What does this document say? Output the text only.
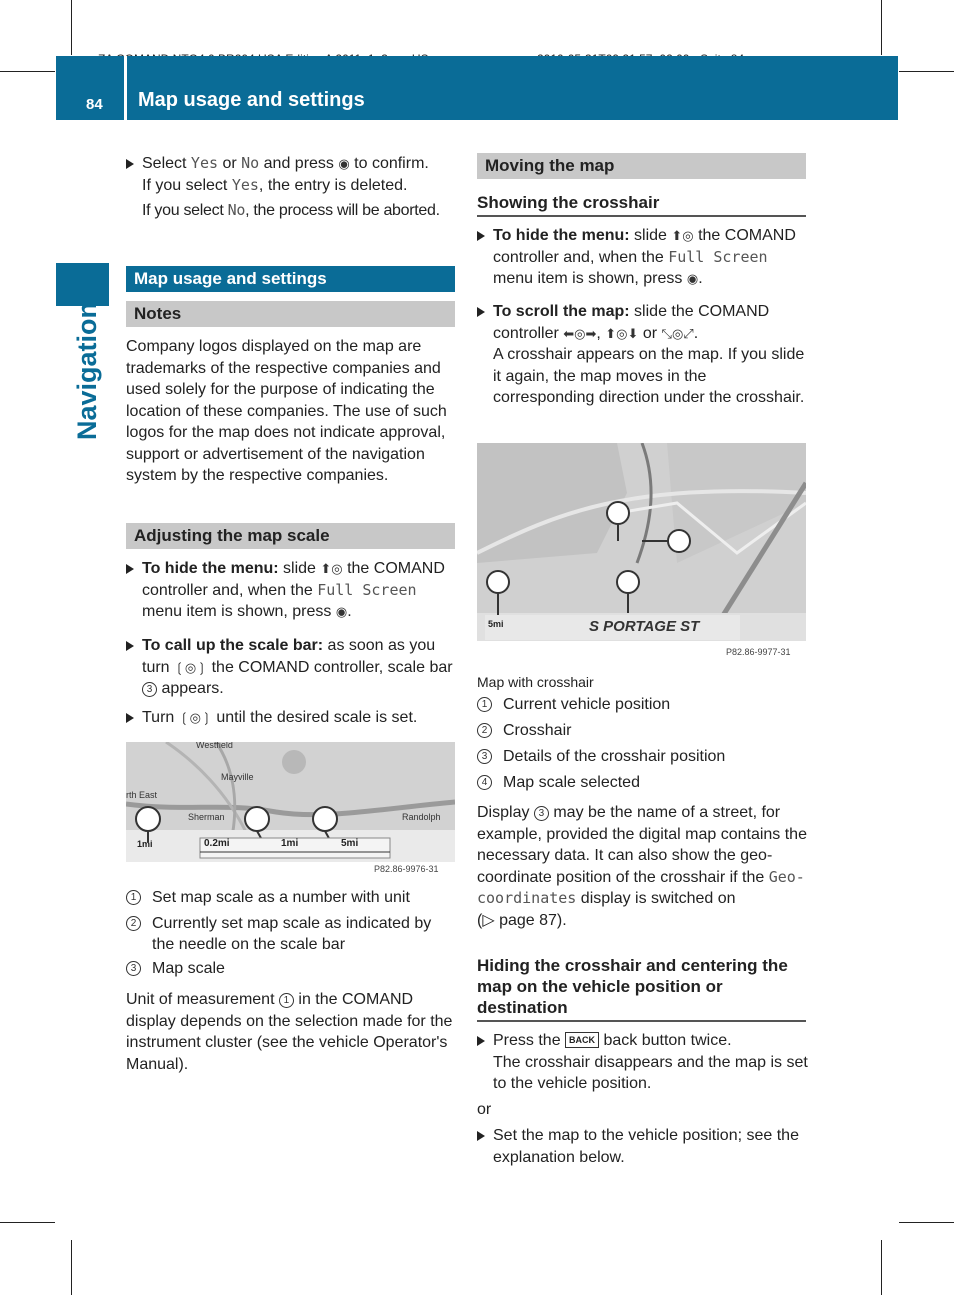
84 Map usage and settings
Navigation
Select Yes or No and press ◉ to confirm.
If you select Yes, the entry is deleted.
If you select No, the process will be aborted.
Map usage and settings
Notes
Company logos displayed on the map are trademarks of the respective companies and used solely for the purpose of indicating the location of these companies. The use of such logos for the map does not indicate approval, support or advertisement of the navigation system by the respective companies.
Adjusting the map scale
To hide the menu: slide ⬆◎ the COMAND controller and, when the Full Screen menu item is shown, press ◉.
To call up the scale bar: as soon as you turn ❲◎❳ the COMAND controller, scale bar 3 appears.
Turn ❲◎❳ until the desired scale is set.
Westfield
Mayville
rth East
Sherman	Randolph
1mi	0.2mi	1mi	5mi
P82.86-9976-31
1 Set map scale as a number with unit
2 Currently set map scale as indicated by the needle on the scale bar
3 Map scale
Unit of measurement 1 in the COMAND display depends on the selection made for the instrument cluster (see the vehicle Operator's Manual).
Moving the map
Showing the crosshair
To hide the menu: slide ⬆◎ the COMAND controller and, when the Full Screen menu item is shown, press ◉.
To scroll the map: slide the COMAND controller ⬅◎➡, ⬆◎⬇ or ⤡◎⤢.
A crosshair appears on the map. If you slide it again, the map moves in the corresponding direction under the crosshair.
5mi	S PORTAGE ST
P82.86-9977-31
Map with crosshair
1 Current vehicle position
2 Crosshair
3 Details of the crosshair position
4 Map scale selected
Display 3 may be the name of a street, for example, provided the digital map contains the necessary data. It can also show the geo-coordinate position of the crosshair if the Geo-coordinates display is switched on
(▷ page 87).
Hiding the crosshair and centering the map on the vehicle position or destination
Press the BACK back button twice.
The crosshair disappears and the map is set to the vehicle position.
or
Set the map to the vehicle position; see the explanation below.
